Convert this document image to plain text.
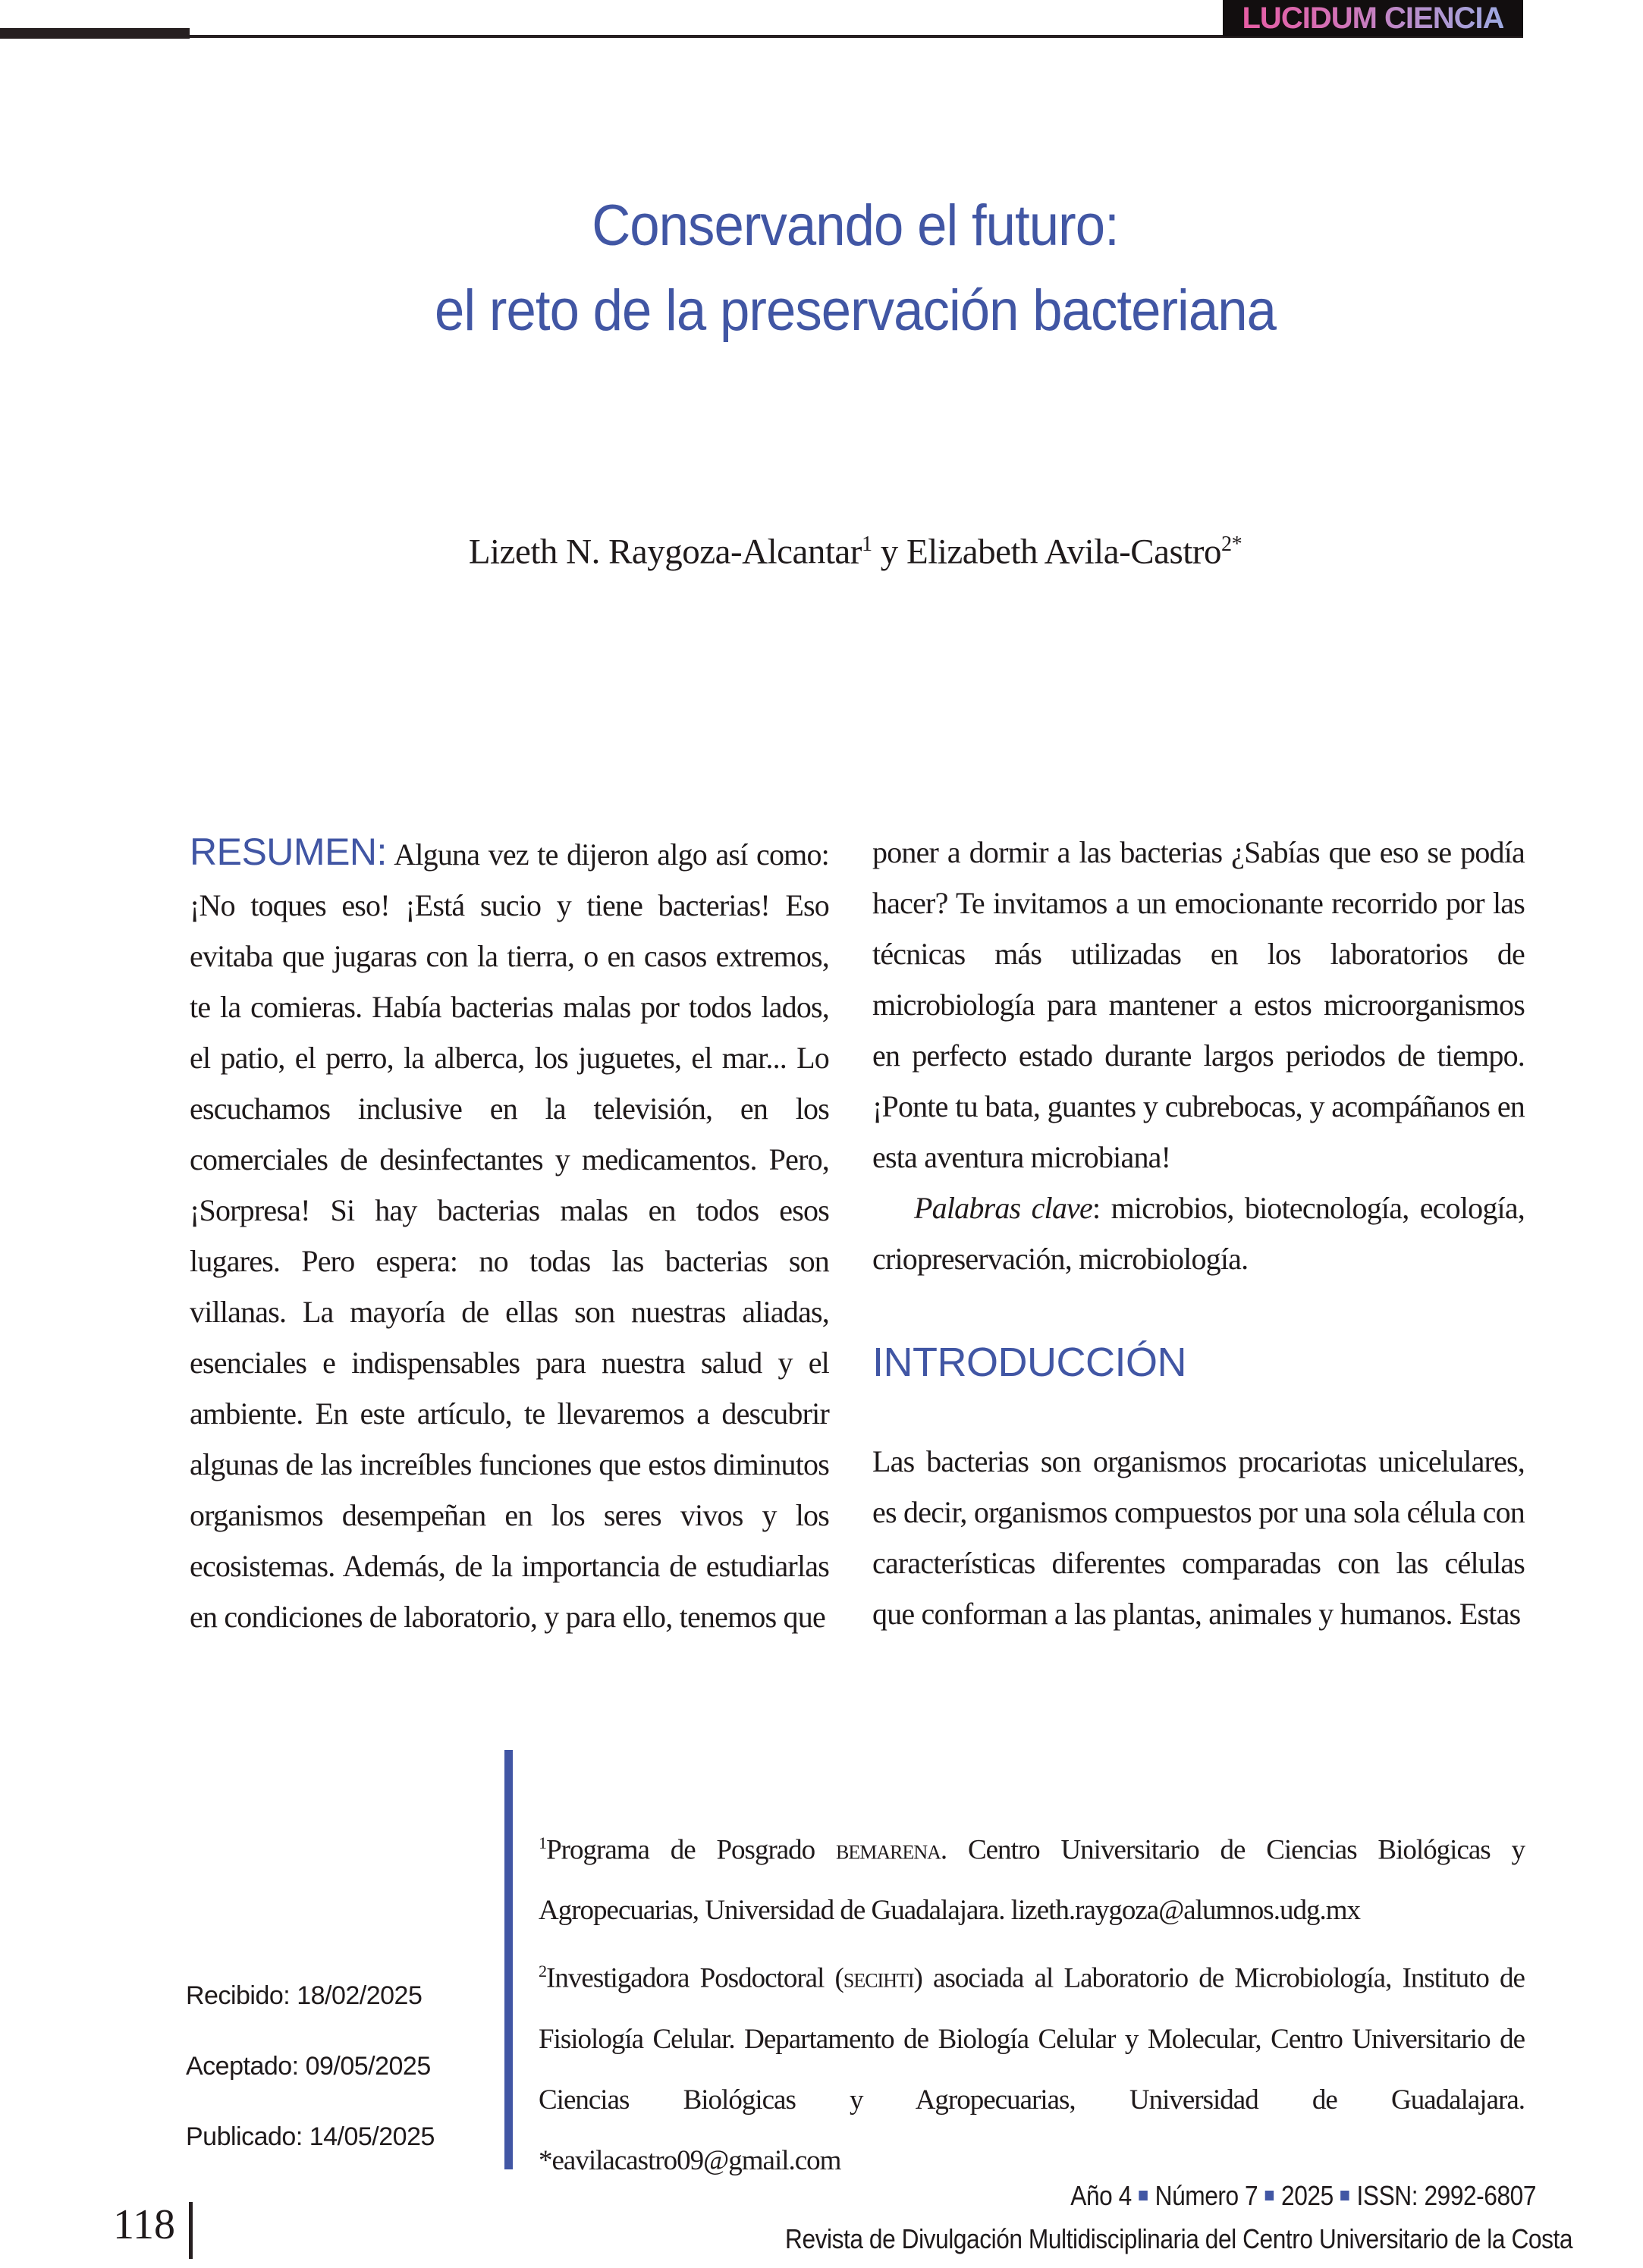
LUCIDUM CIENCIA
Conservando el futuro:
el reto de la preservación bacteriana
Lizeth N. Raygoza-Alcantar$^1$ y Elizabeth Avila-Castro$^{2*}$

RESUMEN: Alguna vez te dijeron algo así como: ¡No toques eso! ¡Está sucio y tiene bacterias! Eso evitaba que jugaras con la tierra, o en casos extremos, te la comieras. Había bacterias malas por todos lados, el patio, el perro, la alberca, los juguetes, el mar... Lo escuchamos inclusive en la televisión, en los comerciales de desinfectantes y medicamentos. Pero, ¡Sorpresa! Si hay bacterias malas en todos esos lugares. Pero espera: no todas las bacterias son villanas. La mayoría de ellas son nuestras aliadas, esenciales e indispensables para nuestra salud y el ambiente. En este artículo, te llevaremos a descubrir algunas de las increíbles funciones que estos diminutos organismos desempeñan en los seres vivos y los ecosistemas. Además, de la importancia de estudiarlas en condiciones de laboratorio, y para ello, tenemos que

poner a dormir a las bacterias ¿Sabías que eso se podía hacer? Te invitamos a un emocionante recorrido por las técnicas más utilizadas en los laboratorios de microbiología para mantener a estos microorganismos en perfecto estado durante largos periodos de tiempo. ¡Ponte tu bata, guantes y cubrebocas, y acompáñanos en esta aventura microbiana!

Palabras clave: microbios, biotecnología, ecología, criopreservación, microbiología.

INTRODUCCIÓN

Las bacterias son organismos procariotas unicelulares, es decir, organismos compuestos por una sola célula con características diferentes comparadas con las células que conforman a las plantas, animales y humanos. Estas

$^1$Programa de Posgrado bemarena. Centro Universitario de Ciencias Biológicas y Agropecuarias, Universidad de Guadalajara. lizeth.raygoza@alumnos.udg.mx

$^2$Investigadora Posdoctoral (secihti) asociada al Laboratorio de Microbiología, Instituto de Fisiología Celular. Departamento de Biología Celular y Molecular, Centro Universitario de Ciencias Biológicas y Agropecuarias, Universidad de Guadalajara. *eavilacastro09@gmail.com

Recibido: 18/02/2025
Aceptado: 09/05/2025
Publicado: 14/05/2025
118
Año 4 Número 7 2025 ISSN: 2992-6807
Revista de Divulgación Multidisciplinaria del Centro Universitario de la Costa
